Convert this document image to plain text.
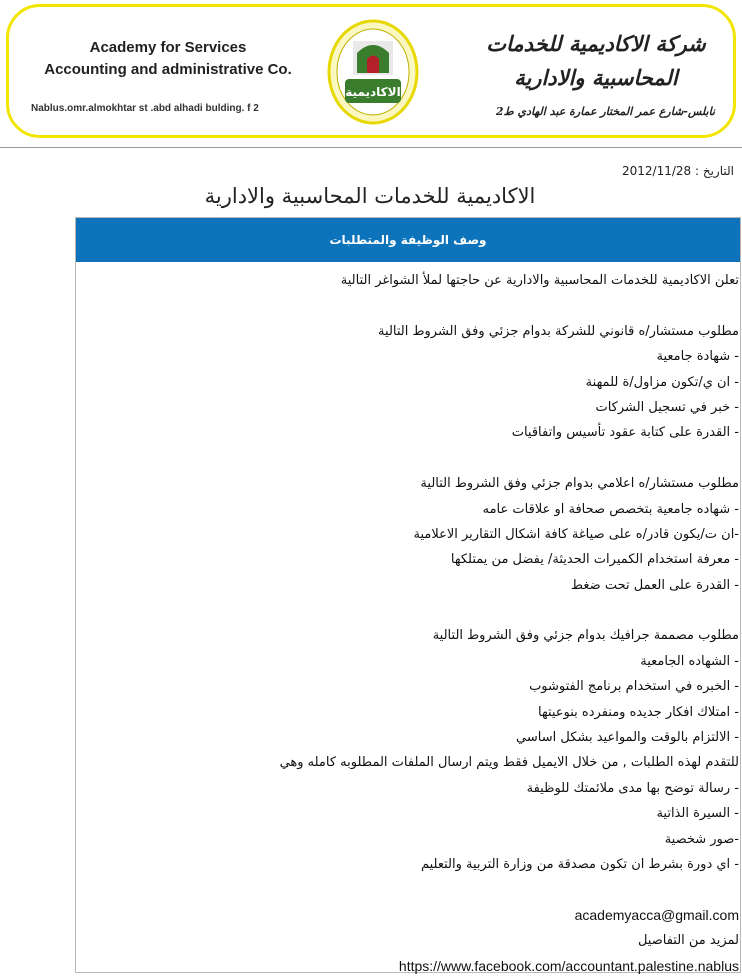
Academy for Services
Accounting and administrative Co.
Nablus.omr.almokhtar st .abd alhadi bulding. f 2
الاكاديمية
شركة الاكاديمية للخدمات
المحاسبية والادارية
نابلس-شارع عمر المختار عمارة عبد الهادي ط2
التاريخ : 2012/11/28
الاكاديمية للخدمات المحاسبية والادارية
وصف الوظيفة والمتطلبات
تعلن الاكاديمية للخدمات المحاسبية والادارية عن حاجتها لملأ الشواغر التالية
مطلوب مستشار/ه قانوني للشركة بدوام جزئي وفق الشروط التالية
- شهادة جامعية
- ان ي/تكون مزاول/ة للمهنة
- خبر في تسجيل الشركات
- القدرة على كتابة عقود تأسيس واتفاقيات
مطلوب مستشار/ه اعلامي بدوام جزئي وفق الشروط التالية
- شهاده جامعية بتخصص صحافة او علاقات عامه
-ان ت/يكون قادر/ه على صياغة كافة اشكال التقارير الاعلامية
- معرفة استخدام الكميرات الحديثة/ يفضل من يمتلكها
- القدرة على العمل تحت ضغط
مطلوب مصممة جرافيك بدوام جزئي وفق الشروط التالية
- الشهاده الجامعية
- الخبره في استخدام برنامج الفتوشوب
- امتلاك افكار جديده ومنفرده بنوعيتها
- الالتزام بالوقت والمواعيد بشكل اساسي
للتقدم لهذه الطلبات , من خلال الايميل فقط ويتم ارسال الملفات المطلوبه كامله وهي
- رسالة توضح بها مدى ملائمتك للوظيفة
- السيرة الذاتية
-صور شخصية
- اي دورة بشرط ان تكون مصدقة من وزارة التربية والتعليم
academyacca@gmail.com
لمزيد من التفاصيل
https://www.facebook.com/accountant.palestine.nablus
